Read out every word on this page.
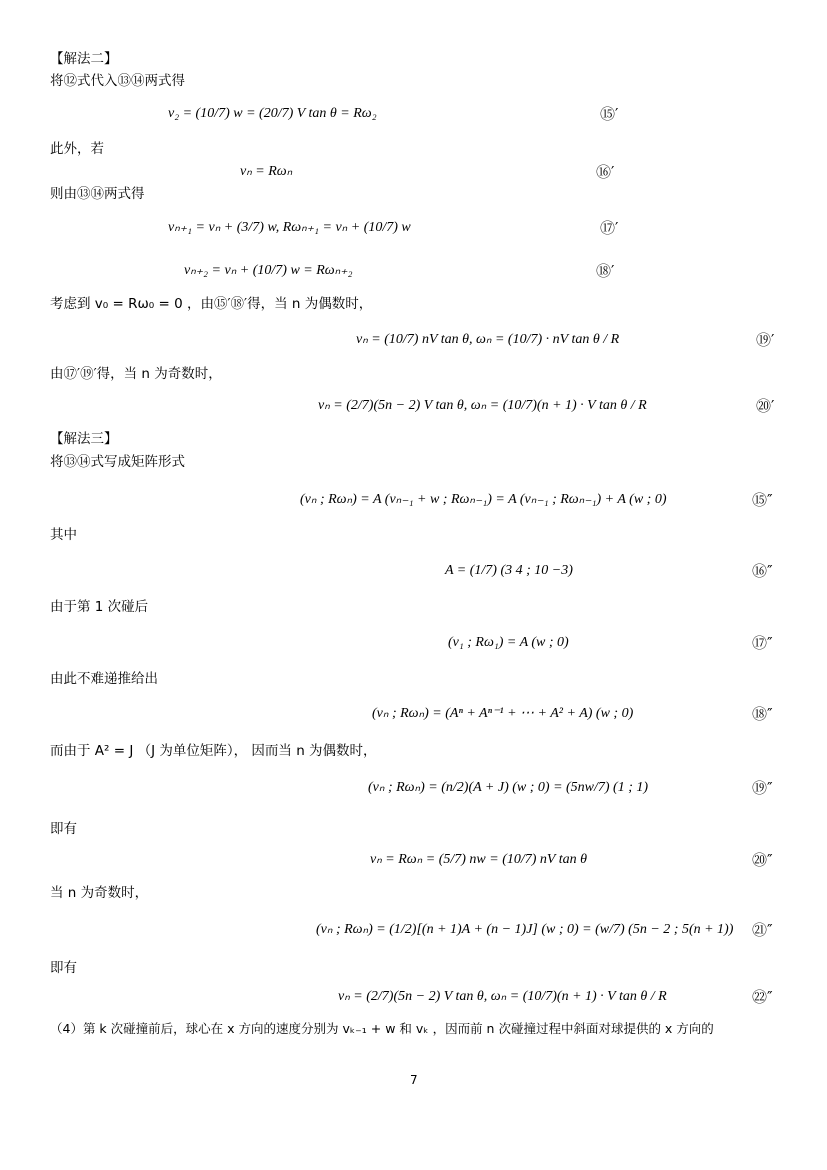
【解法二】
将⑫式代入⑬⑭两式得
v₂ = (10/7) w = (20/7) V tan θ = Rω₂	⑮′
此外，若
vₙ = Rωₙ	⑯′
则由⑬⑭两式得
vₙ₊₁ = vₙ + (3/7) w, Rωₙ₊₁ = vₙ + (10/7) w	⑰′
vₙ₊₂ = vₙ + (10/7) w = Rωₙ₊₂	⑱′
考虑到 v₀ = Rω₀ = 0 ，由⑮′⑱′得，当 n 为偶数时，
vₙ = (10/7) nV tan θ, ωₙ = (10/7) · nV tan θ / R	⑲′
由⑰′⑲′得，当 n 为奇数时，
vₙ = (2/7)(5n − 2) V tan θ, ωₙ = (10/7)(n + 1) · V tan θ / R	⑳′
【解法三】
将⑬⑭式写成矩阵形式
(vₙ ; Rωₙ) = A (vₙ₋₁ + w ; Rωₙ₋₁) = A (vₙ₋₁ ; Rωₙ₋₁) + A (w ; 0)	⑮″
其中
A = (1/7) (3 4 ; 10 −3)	⑯″
由于第 1 次碰后
(v₁ ; Rω₁) = A (w ; 0)	⑰″
由此不难递推给出
(vₙ ; Rωₙ) = (Aⁿ + Aⁿ⁻¹ + ⋯ + A² + A) (w ; 0)	⑱″
而由于 A² = J （J 为单位矩阵）， 因而当 n 为偶数时，
(vₙ ; Rωₙ) = (n/2)(A + J) (w ; 0) = (5nw/7) (1 ; 1)	⑲″
即有
vₙ = Rωₙ = (5/7) nw = (10/7) nV tan θ	⑳″
当 n 为奇数时，
(vₙ ; Rωₙ) = (1/2)[(n + 1)A + (n − 1)J] (w ; 0) = (w/7) (5n − 2 ; 5(n + 1)) ㉑″
即有
vₙ = (2/7)(5n − 2) V tan θ, ωₙ = (10/7)(n + 1) · V tan θ / R	㉒″
（4）第 k 次碰撞前后，球心在 x 方向的速度分别为 vₖ₋₁ + w 和 vₖ ，因而前 n 次碰撞过程中斜面对球提供的 x 方向的
7
